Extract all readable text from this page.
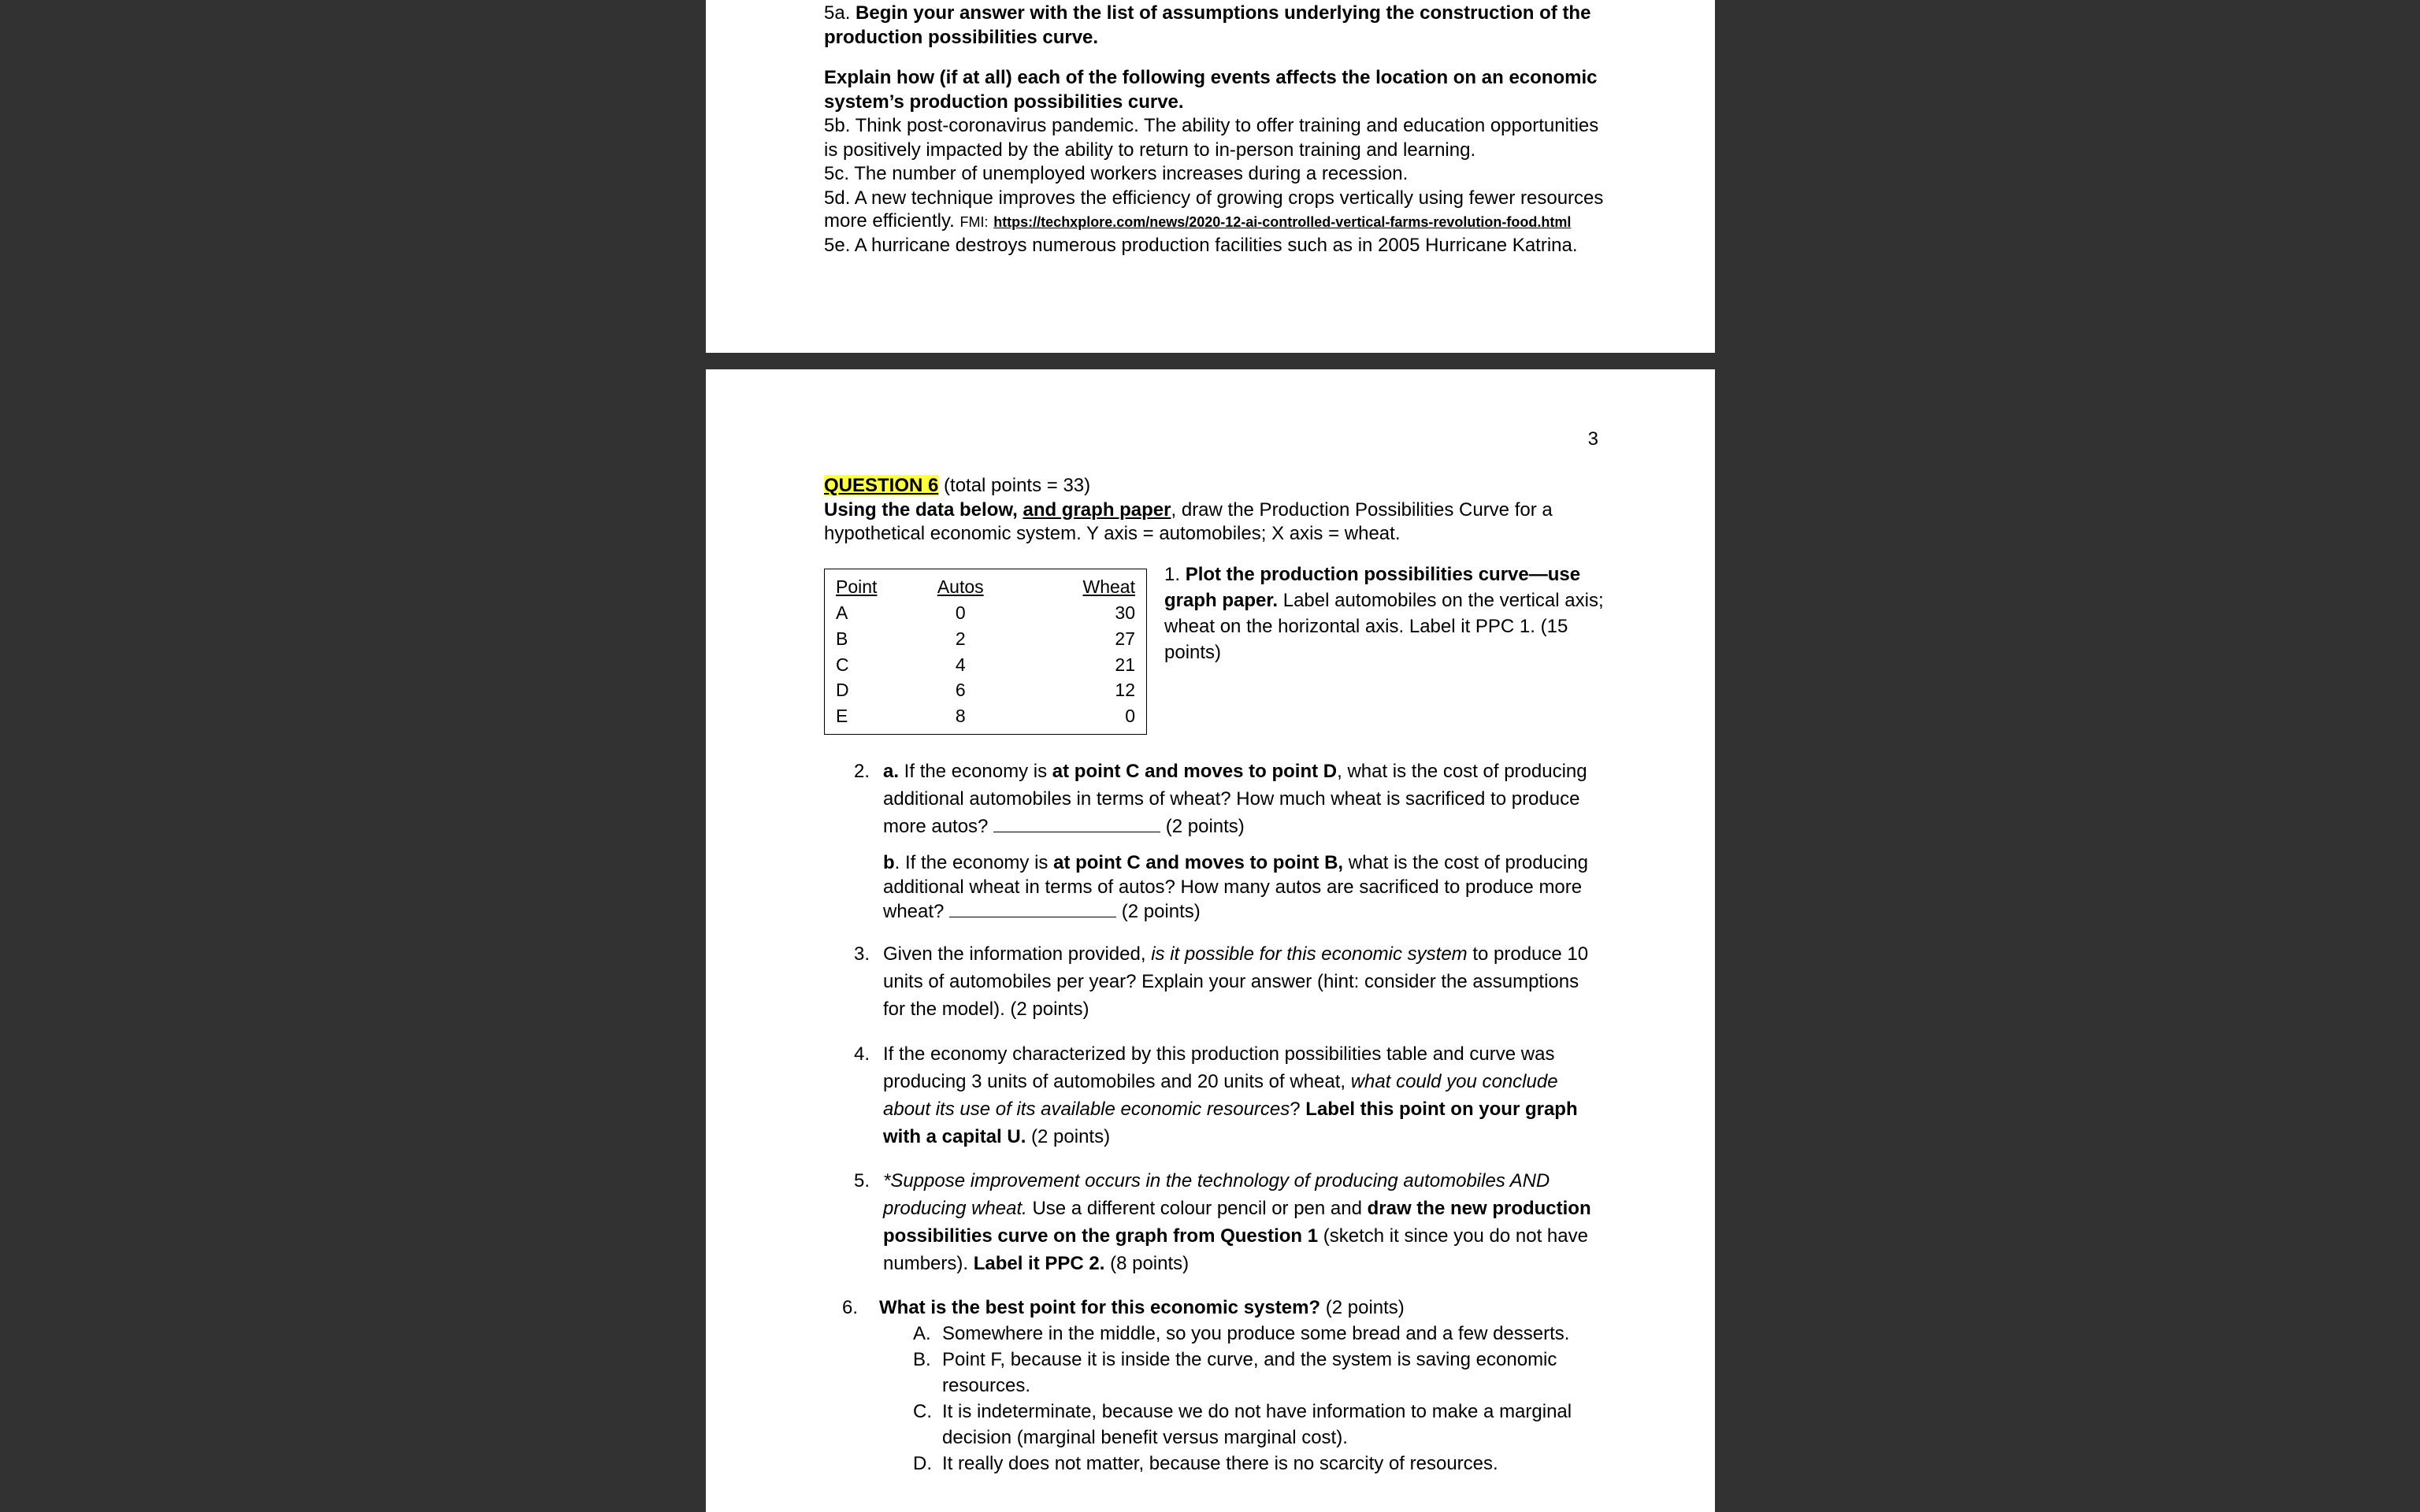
5a. Begin your answer with the list of assumptions underlying the construction of the production possibilities curve.

Explain how (if at all) each of the following events affects the location on an economic system’s production possibilities curve.

5b. Think post-coronavirus pandemic. The ability to offer training and education opportunities is positively impacted by the ability to return to in-person training and learning.

5c. The number of unemployed workers increases during a recession.

5d. A new technique improves the efficiency of growing crops vertically using fewer resources more efficiently. FMI: https://techxplore.com/news/2020-12-ai-controlled-vertical-farms-revolution-food.html

5e. A hurricane destroys numerous production facilities such as in 2005 Hurricane Katrina.

3

QUESTION 6 (total points = 33)

Using the data below, and graph paper, draw the Production Possibilities Curve for a hypothetical economic system. Y axis = automobiles; X axis = wheat.

Point	Autos	Wheat
A	0	30
B	2	27
C	4	21
D	6	12
E	8	0
1. Plot the production possibilities curve—use graph paper. Label automobiles on the vertical axis; wheat on the horizontal axis. Label it PPC 1. (15 points)
2. a. If the economy is at point C and moves to point D, what is the cost of producing additional automobiles in terms of wheat? How much wheat is sacrificed to produce more autos?	(2 points)
b. If the economy is at point C and moves to point B, what is the cost of producing additional wheat in terms of autos? How many autos are sacrificed to produce more wheat?	(2 points)
3. Given the information provided, is it possible for this economic system to produce 10 units of automobiles per year? Explain your answer (hint: consider the assumptions for the model). (2 points)
4. If the economy characterized by this production possibilities table and curve was producing 3 units of automobiles and 20 units of wheat, what could you conclude about its use of its available economic resources? Label this point on your graph with a capital U. (2 points)
5. *Suppose improvement occurs in the technology of producing automobiles AND producing wheat. Use a different colour pencil or pen and draw the new production possibilities curve on the graph from Question 1 (sketch it since you do not have numbers). Label it PPC 2. (8 points)
6. What is the best point for this economic system? (2 points)
A. Somewhere in the middle, so you produce some bread and a few desserts.
B. Point F, because it is inside the curve, and the system is saving economic resources.
C. It is indeterminate, because we do not have information to make a marginal decision (marginal benefit versus marginal cost).
D. It really does not matter, because there is no scarcity of resources.
